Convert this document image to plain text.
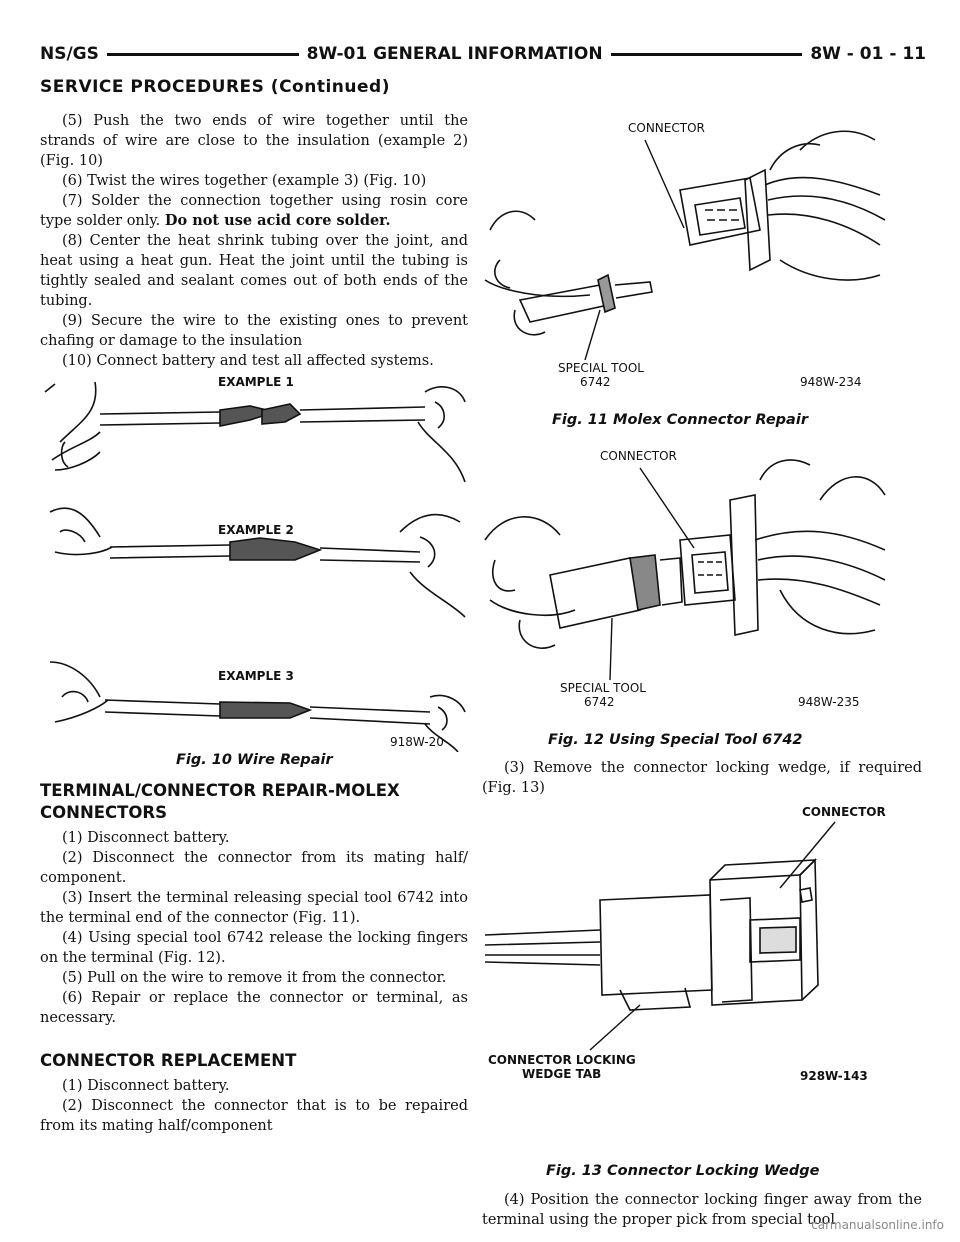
NS/GS	8W-01 GENERAL INFORMATION	8W - 01 - 11
SERVICE PROCEDURES (Continued)

(5) Push the two ends of wire together until the strands of wire are close to the insulation (example 2) (Fig. 10)

(6) Twist the wires together (example 3) (Fig. 10)

(7) Solder the connection together using rosin core type solder only. Do not use acid core solder.

(8) Center the heat shrink tubing over the joint, and heat using a heat gun. Heat the joint until the tubing is tightly sealed and sealant comes out of both ends of the tubing.

(9) Secure the wire to the existing ones to prevent chafing or damage to the insulation

(10) Connect battery and test all affected systems.

EXAMPLE 1
EXAMPLE 2
EXAMPLE 3
918W-20
Fig. 10 Wire Repair
TERMINAL/CONNECTOR REPAIR-MOLEX CONNECTORS

(1) Disconnect battery.

(2) Disconnect the connector from its mating half/ component.

(3) Insert the terminal releasing special tool 6742 into the terminal end of the connector (Fig. 11).

(4) Using special tool 6742 release the locking fingers on the terminal (Fig. 12).

(5) Pull on the wire to remove it from the connector.

(6) Repair or replace the connector or terminal, as necessary.

CONNECTOR REPLACEMENT

(1) Disconnect battery.

(2) Disconnect the connector that is to be repaired from its mating half/component

CONNECTOR
SPECIAL TOOL
6742	948W-234
Fig. 11 Molex Connector Repair
CONNECTOR
SPECIAL TOOL
6742	948W-235
Fig. 12 Using Special Tool 6742

(3) Remove the connector locking wedge, if required (Fig. 13)

CONNECTOR
CONNECTOR LOCKING
WEDGE TAB	928W-143
Fig. 13 Connector Locking Wedge

(4) Position the connector locking finger away from the terminal using the proper pick from special tool

carmanualsonline.info
